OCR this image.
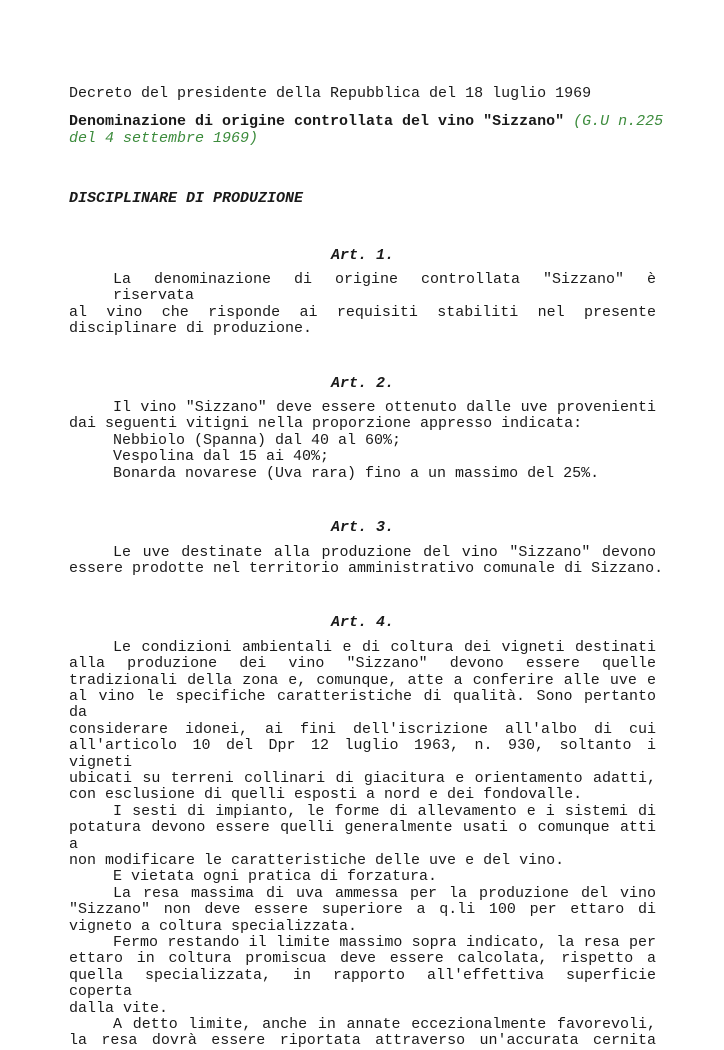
Decreto del presidente della Repubblica del 18 luglio 1969
Denominazione di origine controllata del vino "Sizzano" (G.U n.225
del 4 settembre 1969)
DISCIPLINARE DI PRODUZIONE
Art. 1.
La denominazione di origine controllata "Sizzano" è riservata
al vino che risponde ai requisiti stabiliti nel presente
disciplinare di produzione.
Art. 2.
Il vino "Sizzano" deve essere ottenuto dalle uve provenienti
dai seguenti vitigni nella proporzione appresso indicata:
Nebbiolo (Spanna) dal 40 al 60%;
Vespolina dal 15 ai 40%;
Bonarda novarese (Uva rara) fino a un massimo del 25%.
Art. 3.
Le uve destinate alla produzione del vino "Sizzano" devono
essere prodotte nel territorio amministrativo comunale di Sizzano.
Art. 4.
Le condizioni ambientali e di coltura dei vigneti destinati
alla produzione dei vino "Sizzano" devono essere quelle
tradizionali della zona e, comunque, atte a conferire alle uve e
al vino le specifiche caratteristiche di qualità. Sono pertanto da
considerare idonei, ai fini dell'iscrizione all'albo di cui
all'articolo 10 del Dpr 12 luglio 1963, n. 930, soltanto i vigneti
ubicati su terreni collinari di giacitura e orientamento adatti,
con esclusione di quelli esposti a nord e dei fondovalle.
I sesti di impianto, le forme di allevamento e i sistemi di
potatura devono essere quelli generalmente usati o comunque atti a
non modificare le caratteristiche delle uve e del vino.
E vietata ogni pratica di forzatura.
La resa massima di uva ammessa per la produzione del vino
"Sizzano" non deve essere superiore a q.li 100 per ettaro di
vigneto a coltura specializzata.
Fermo restando il limite massimo sopra indicato, la resa per
ettaro in coltura promiscua deve essere calcolata, rispetto a
quella specializzata, in rapporto all'effettiva superficie coperta
dalla vite.
A detto limite, anche in annate eccezionalmente favorevoli,
la resa dovrà essere riportata attraverso un'accurata cernita
